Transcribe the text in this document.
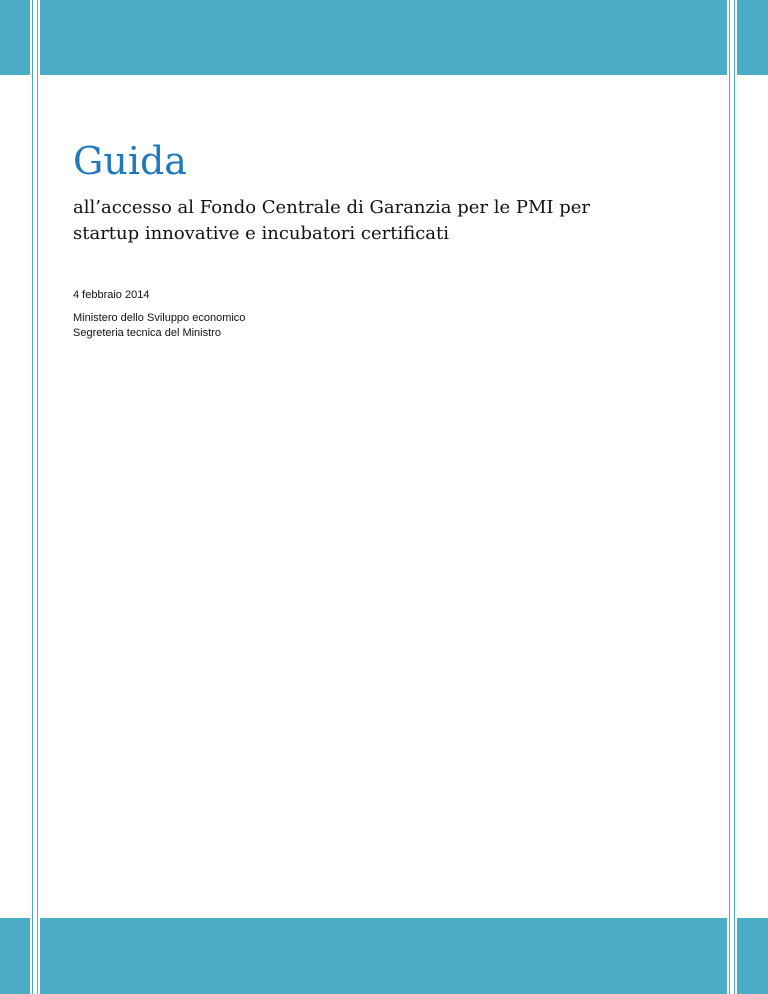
Guida
all’accesso al Fondo Centrale di Garanzia per le PMI per
startup innovative e incubatori certificati
4 febbraio 2014
Ministero dello Sviluppo economico
Segreteria tecnica del Ministro
